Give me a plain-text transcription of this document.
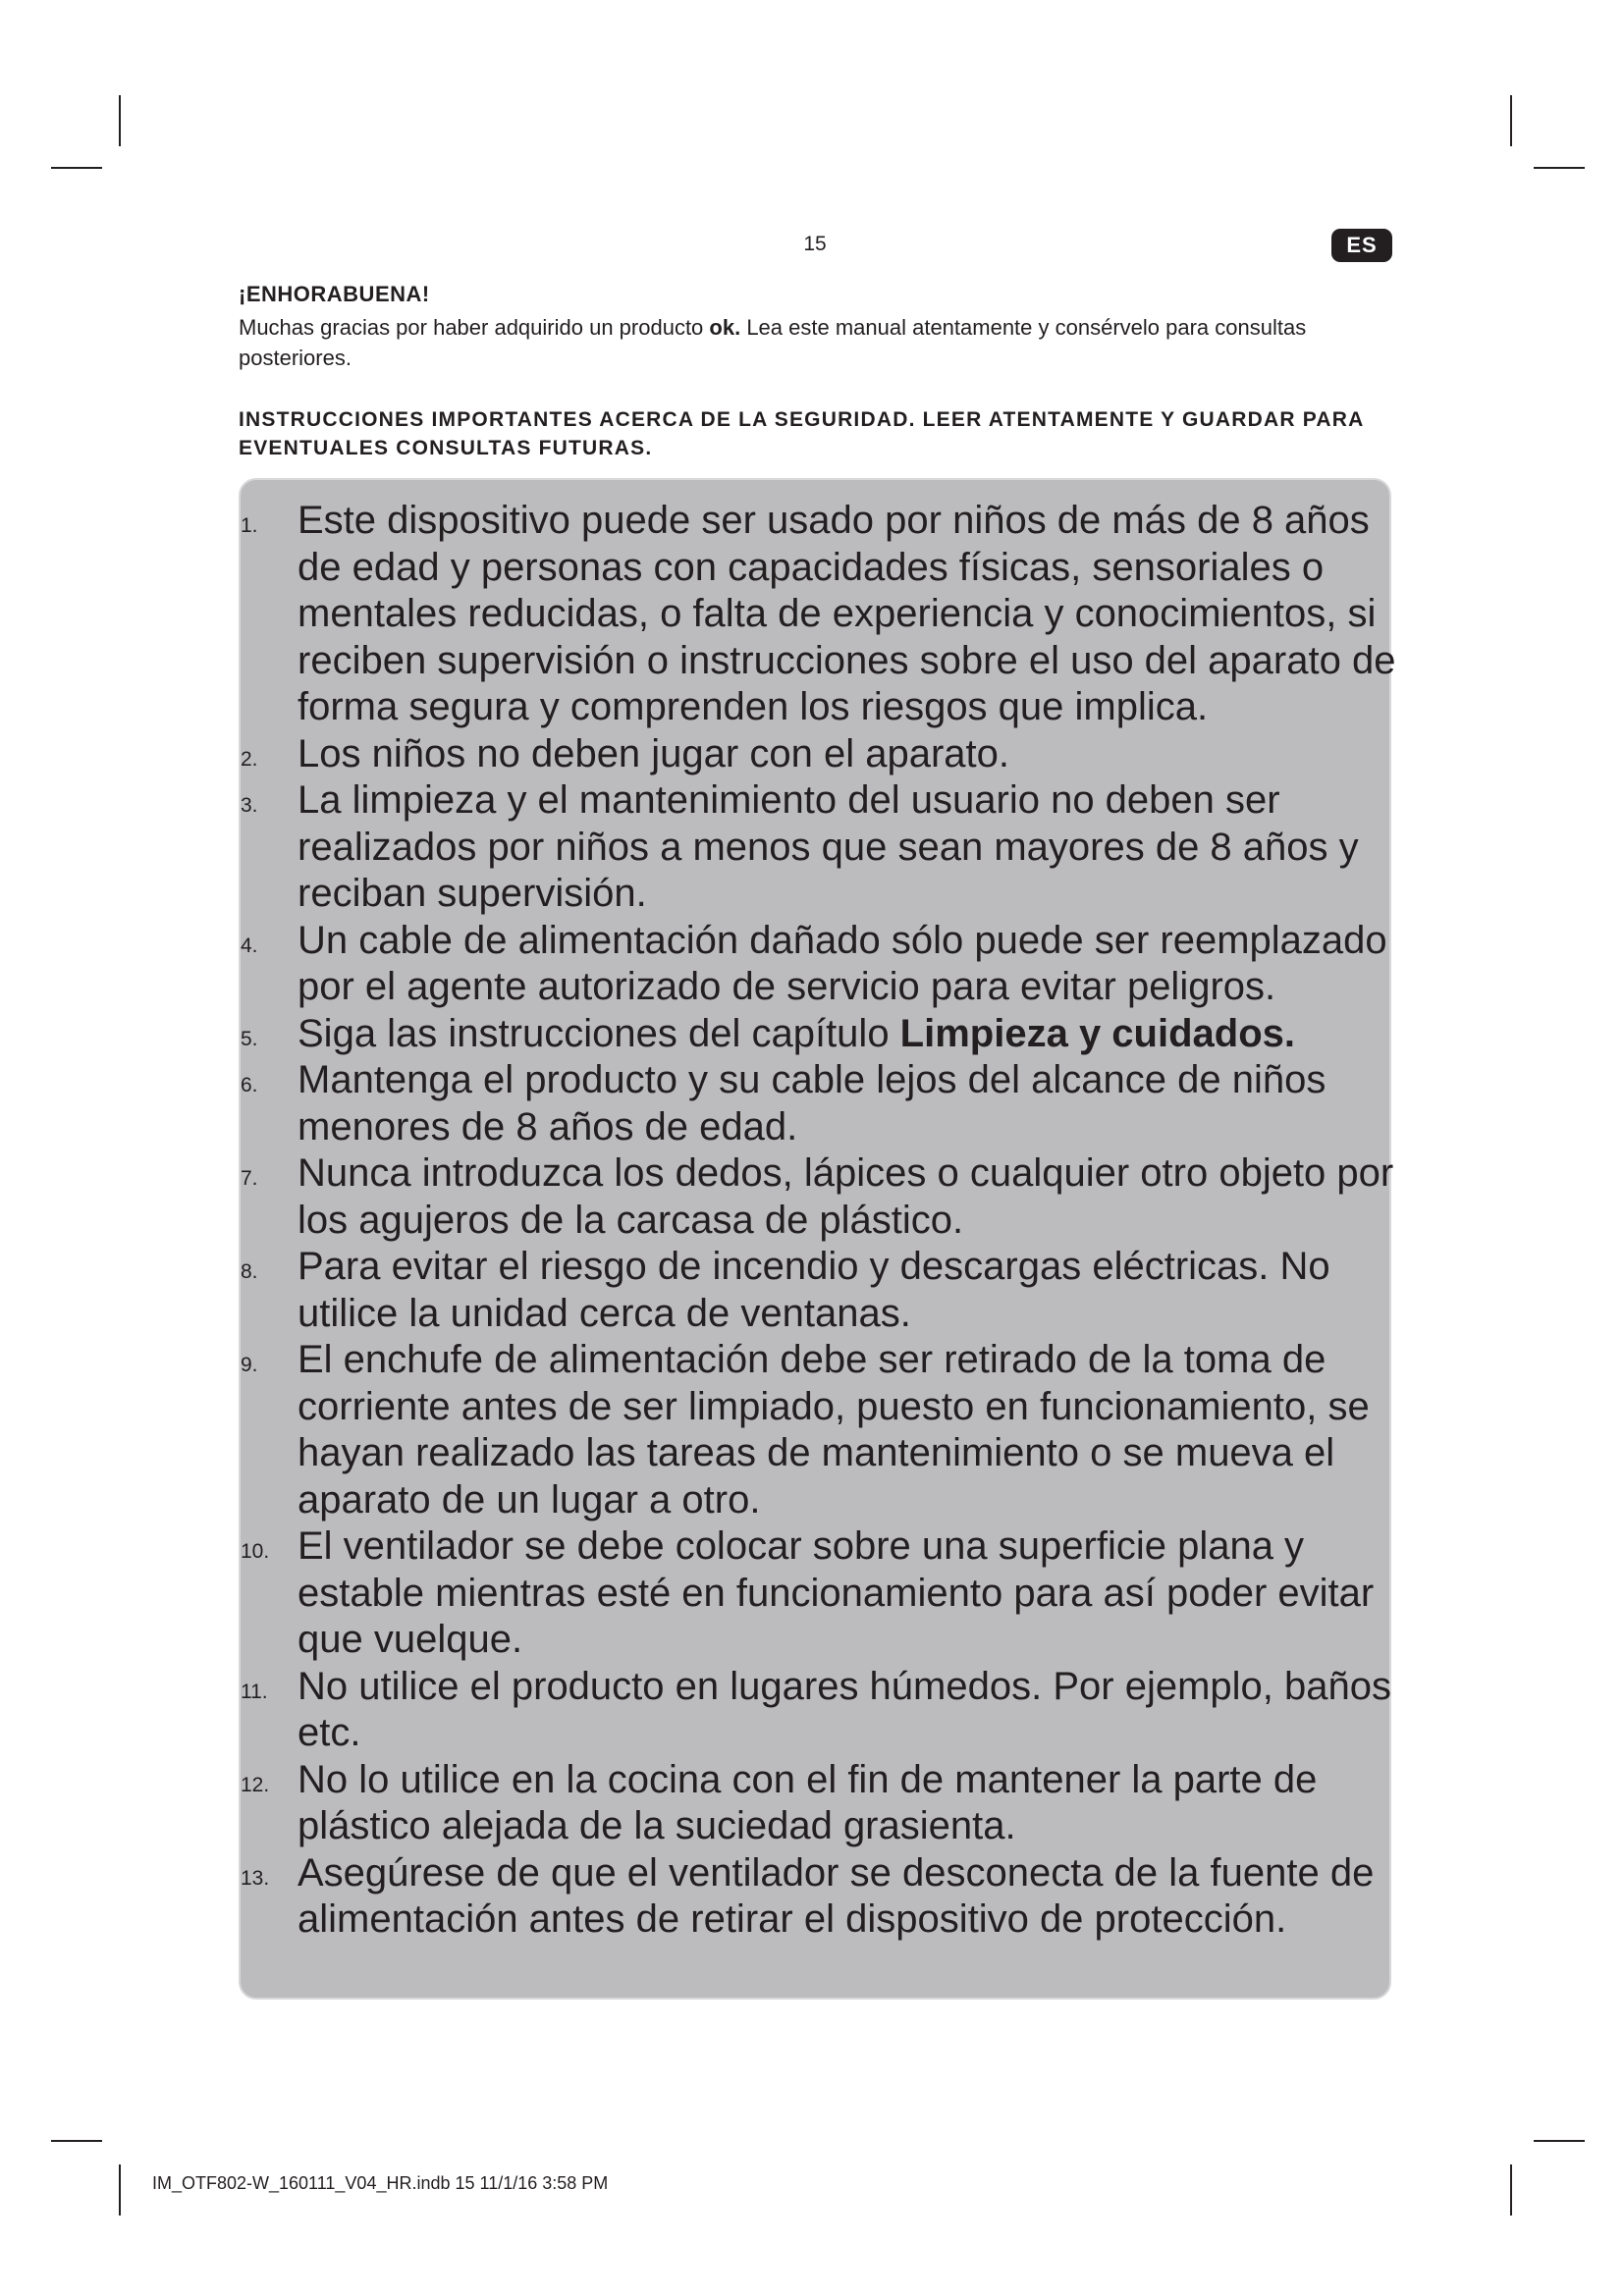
15	ES

¡ENHORABUENA!

Muchas gracias por haber adquirido un producto ok. Lea este manual atentamente y consérvelo para consultas posteriores.

INSTRUCCIONES IMPORTANTES ACERCA DE LA SEGURIDAD. LEER ATENTAMENTE Y GUARDAR PARA EVENTUALES CONSULTAS FUTURAS.

1.	Este dispositivo puede ser usado por niños de más de 8 años de edad y personas con capacidades físicas, sensoriales o mentales reducidas, o falta de experiencia y conocimientos, si reciben supervisión o instrucciones sobre el uso del aparato de forma segura y comprenden los riesgos que implica.
2.	Los niños no deben jugar con el aparato.
3.	La limpieza y el mantenimiento del usuario no deben ser realizados por niños a menos que sean mayores de 8 años y reciban supervisión.
4.	Un cable de alimentación dañado sólo puede ser reemplazado por el agente autorizado de servicio para evitar peligros.
5.	Siga las instrucciones del capítulo Limpieza y cuidados.
6.	Mantenga el producto y su cable lejos del alcance de niños menores de 8 años de edad.
7.	Nunca introduzca los dedos, lápices o cualquier otro objeto por los agujeros de la carcasa de plástico.
8.	Para evitar el riesgo de incendio y descargas eléctricas. No utilice la unidad cerca de ventanas.
9.	El enchufe de alimentación debe ser retirado de la toma de corriente antes de ser limpiado, puesto en funcionamiento, se hayan realizado las tareas de mantenimiento o se mueva el aparato de un lugar a otro.
10. El ventilador se debe colocar sobre una superficie plana y estable mientras esté en funcionamiento para así poder evitar que vuelque.
11. No utilice el producto en lugares húmedos. Por ejemplo, baños etc.
12. No lo utilice en la cocina con el fin de mantener la parte de plástico alejada de la suciedad grasienta.
13. Asegúrese de que el ventilador se desconecta de la fuente de alimentación antes de retirar el dispositivo de protección.
IM_OTF802-W_160111_V04_HR.indb 15 11/1/16 3:58 PM
